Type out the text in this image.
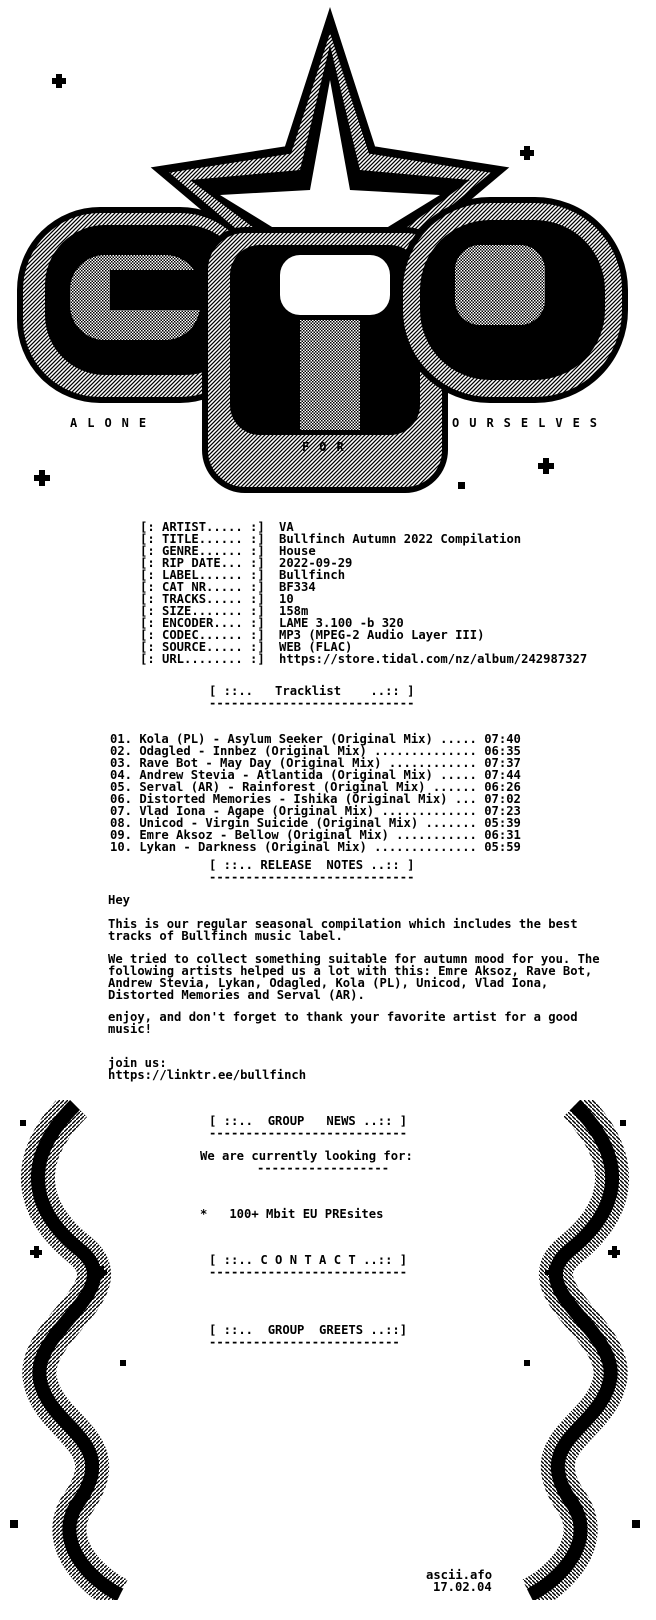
ALONE
FOR
OURSELVES
[: ARTIST..... :] VA
[: TITLE...... :] Bullfinch Autumn 2022 Compilation
[: GENRE...... :] House
[: RIP DATE... :] 2022-09-29
[: LABEL...... :] Bullfinch
[: CAT NR..... :] BF334
[: TRACKS..... :] 10
[: SIZE....... :] 158m
[: ENCODER.... :] LAME 3.100 -b 320
[: CODEC...... :] MP3 (MPEG-2 Audio Layer III)
[: SOURCE..... :] WEB (FLAC)
[: URL........ :] https://store.tidal.com/nz/album/242987327
[ ::..   Tracklist    ..:: ]
----------------------------
01. Kola (PL) - Asylum Seeker (Original Mix) ..... 07:40
02. Odagled - Innbez (Original Mix) .............. 06:35
03. Rave Bot - May Day (Original Mix) ............ 07:37
04. Andrew Stevia - Atlantida (Original Mix) ..... 07:44
05. Serval (AR) - Rainforest (Original Mix) ...... 06:26
06. Distorted Memories - Ishika (Original Mix) ... 07:02
07. Vlad Iona - Agape (Original Mix) ............. 07:23
08. Unicod - Virgin Suicide (Original Mix) ....... 05:39
09. Emre Aksoz - Bellow (Original Mix) ........... 06:31
10. Lykan - Darkness (Original Mix) .............. 05:59
[ ::.. RELEASE  NOTES ..:: ]
----------------------------
Hey
This is our regular seasonal compilation which includes the best tracks of Bullfinch music label.
We tried to collect something suitable for autumn mood for you. The following artists helped us a lot with this: Emre Aksoz, Rave Bot, Andrew Stevia, Lykan, Odagled, Kola (PL), Unicod, Vlad Iona, Distorted Memories and Serval (AR).
enjoy, and don't forget to thank your favorite artist for a good music!
join us:
https://linktr.ee/bullfinch
[ ::..  GROUP   NEWS ..:: ]
---------------------------
We are currently looking for:
------------------
*   100+ Mbit EU PREsites
[ ::.. C O N T A C T ..:: ]
---------------------------
[ ::..  GROUP  GREETS ..::]
--------------------------
ascii.afo
17.02.04
